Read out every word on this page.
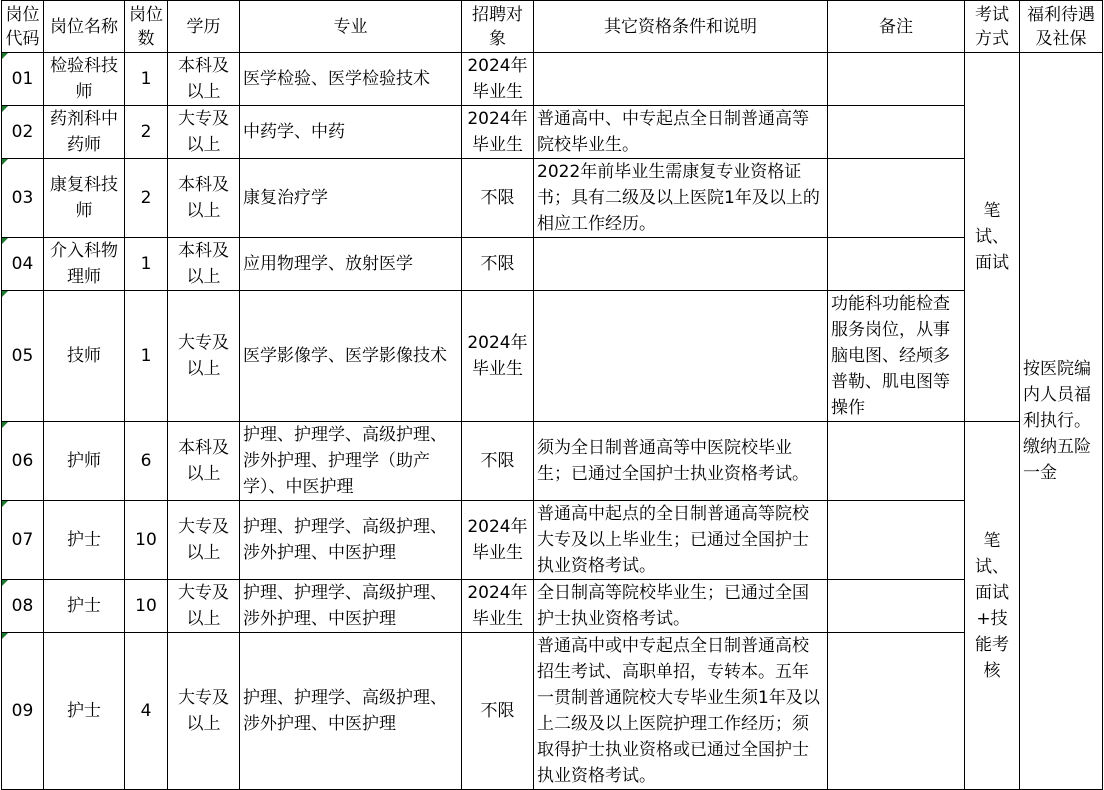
岗位代码	岗位名称	岗位数	学历	专业	招聘对象	其它资格条件和说明	备注	考试方式	福利待遇及社保
01	检验科技师	1	本科及以上	医学检验、医学检验技术	2024年毕业生			笔试、面试	按医院编内人员福利执行。缴纳五险一金
02	药剂科中药师	2	大专及以上	中药学、中药	2024年毕业生	普通高中、中专起点全日制普通高等院校毕业生。			
03	康复科技师	2	本科及以上	康复治疗学	不限	2022年前毕业生需康复专业资格证书；具有二级及以上医院1年及以上的相应工作经历。			
04	介入科物理师	1	本科及以上	应用物理学、放射医学	不限				
05	技师	1	大专及以上	医学影像学、医学影像技术	2024年毕业生		功能科功能检查服务岗位，从事脑电图、经颅多普勒、肌电图等操作		
06	护师	6	本科及以上	护理、护理学、高级护理、涉外护理、护理学（助产学）、中医护理	不限	须为全日制普通高等中医院校毕业生；已通过全国护士执业资格考试。		笔试、面试+技能考核	
07	护士	10	大专及以上	护理、护理学、高级护理、涉外护理、中医护理	2024年毕业生	普通高中起点的全日制普通高等院校大专及以上毕业生；已通过全国护士执业资格考试。			
08	护士	10	大专及以上	护理、护理学、高级护理、涉外护理、中医护理	2024年毕业生	全日制高等院校毕业生；已通过全国护士执业资格考试。			
09	护士	4	大专及以上	护理、护理学、高级护理、涉外护理、中医护理	不限	普通高中或中专起点全日制普通高校招生考试、高职单招，专转本。五年一贯制普通院校大专毕业生须1年及以上二级及以上医院护理工作经历；须取得护士执业资格或已通过全国护士执业资格考试。			
